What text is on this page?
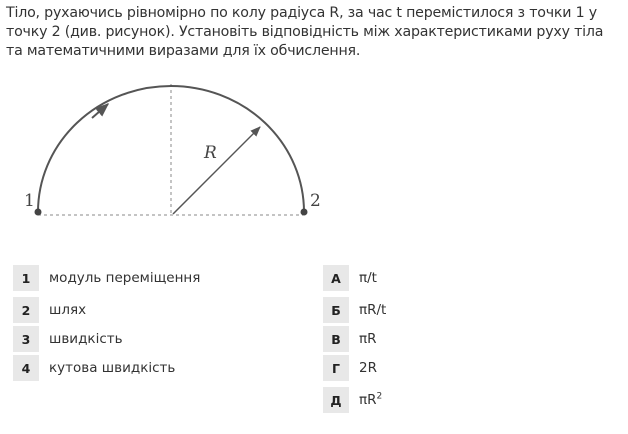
Тіло, рухаючись рівномірно по колу радіуса R, за час t перемістилося з точки 1 у точку 2 (див. рисунок). Установіть відповідність між характеристиками руху тіла та математичними виразами для їх обчислення.

R
1	2
1	модуль переміщення
2	шлях
3	швидкість
4	кутова швидкість
А	π/t
Б	πR/t
В	πR
Г	2R
Д	$\pi R^2$
